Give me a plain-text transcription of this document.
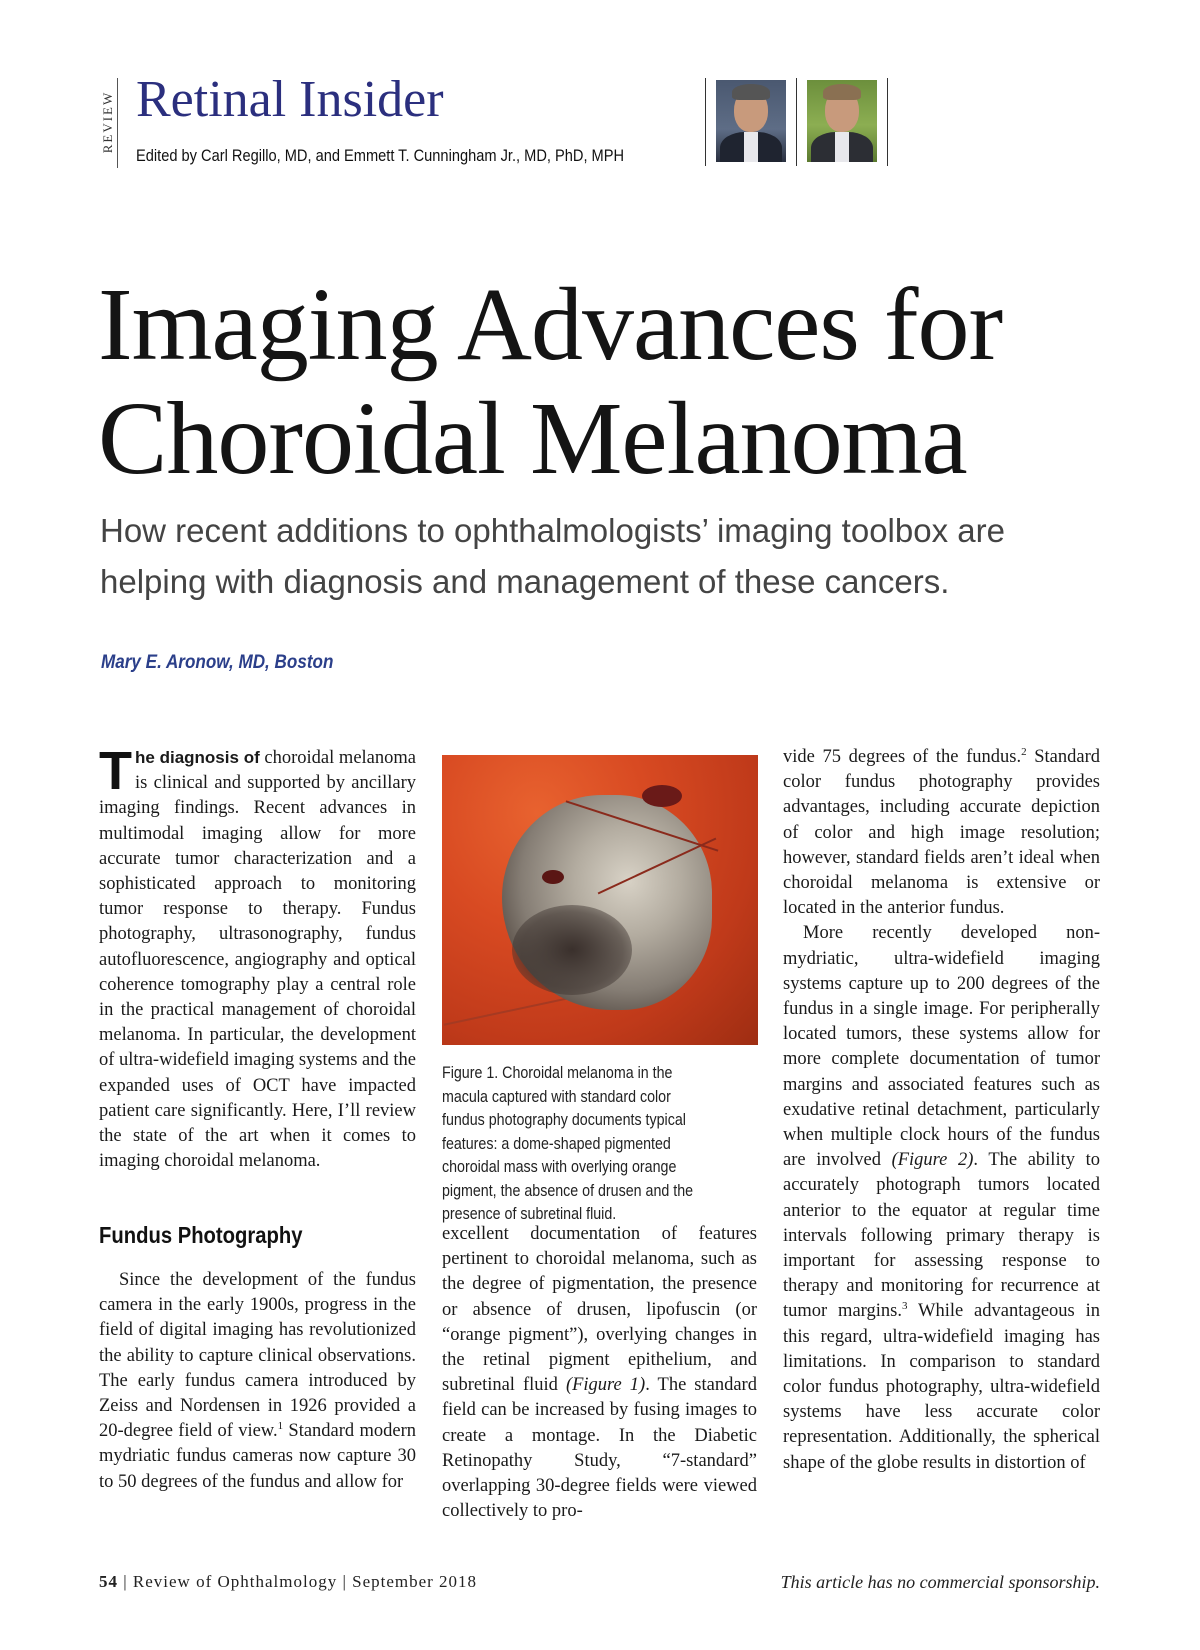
REVIEW Retinal Insider
Edited by Carl Regillo, MD, and Emmett T. Cunningham Jr., MD, PhD, MPH
Imaging Advances for
Choroidal Melanoma
How recent additions to ophthalmologists’ imaging toolbox are
helping with diagnosis and management of these cancers.
Mary E. Aronow, MD, Boston

The diagnosis of choroidal melanoma is clinical and supported by ancillary imaging findings. Recent advances in multimodal imaging allow for more accurate tumor characterization and a sophisticated approach to monitoring tumor response to therapy. Fundus photography, ultrasonography, fundus autofluorescence, angiography and optical coherence tomography play a central role in the practical management of choroidal melanoma. In particular, the development of ultra-widefield imaging systems and the expanded uses of OCT have impacted patient care significantly. Here, I’ll review the state of the art when it comes to imaging choroidal melanoma.

Fundus Photography

Since the development of the fundus camera in the early 1900s, progress in the field of digital imaging has revolutionized the ability to capture clinical observations. The early fundus camera introduced by Zeiss and Nordensen in 1926 provided a 20-degree field of view.$^1$ Standard modern mydriatic fundus cameras now capture 30 to 50 degrees of the fundus and allow for

Figure 1. Choroidal melanoma in the
macula captured with standard color
fundus photography documents typical
features: a dome-shaped pigmented
choroidal mass with overlying orange
pigment, the absence of drusen and the
presence of subretinal fluid.

excellent documentation of features pertinent to choroidal melanoma, such as the degree of pigmentation, the presence or absence of drusen, lipofuscin (or “orange pigment”), overlying changes in the retinal pigment epithelium, and subretinal fluid (Figure 1). The standard field can be increased by fusing images to create a montage. In the Diabetic Retinopathy Study, “7-standard” overlapping 30-degree fields were viewed collectively to pro-

vide 75 degrees of the fundus.$^2$ Standard color fundus photography provides advantages, including accurate depiction of color and high image resolution; however, standard fields aren’t ideal when choroidal melanoma is extensive or located in the anterior fundus.

More recently developed non-mydriatic, ultra-widefield imaging systems capture up to 200 degrees of the fundus in a single image. For peripherally located tumors, these systems allow for more complete documentation of tumor margins and associated features such as exudative retinal detachment, particularly when multiple clock hours of the fundus are involved (Figure 2). The ability to accurately photograph tumors located anterior to the equator at regular time intervals following primary therapy is important for assessing response to therapy and monitoring for recurrence at tumor margins.$^3$ While advantageous in this regard, ultra-widefield imaging has limitations. In comparison to standard color fundus photography, ultra-widefield systems have less accurate color representation. Additionally, the spherical shape of the globe results in distortion of

54 | Review of Ophthalmology | September 2018	This article has no commercial sponsorship.
